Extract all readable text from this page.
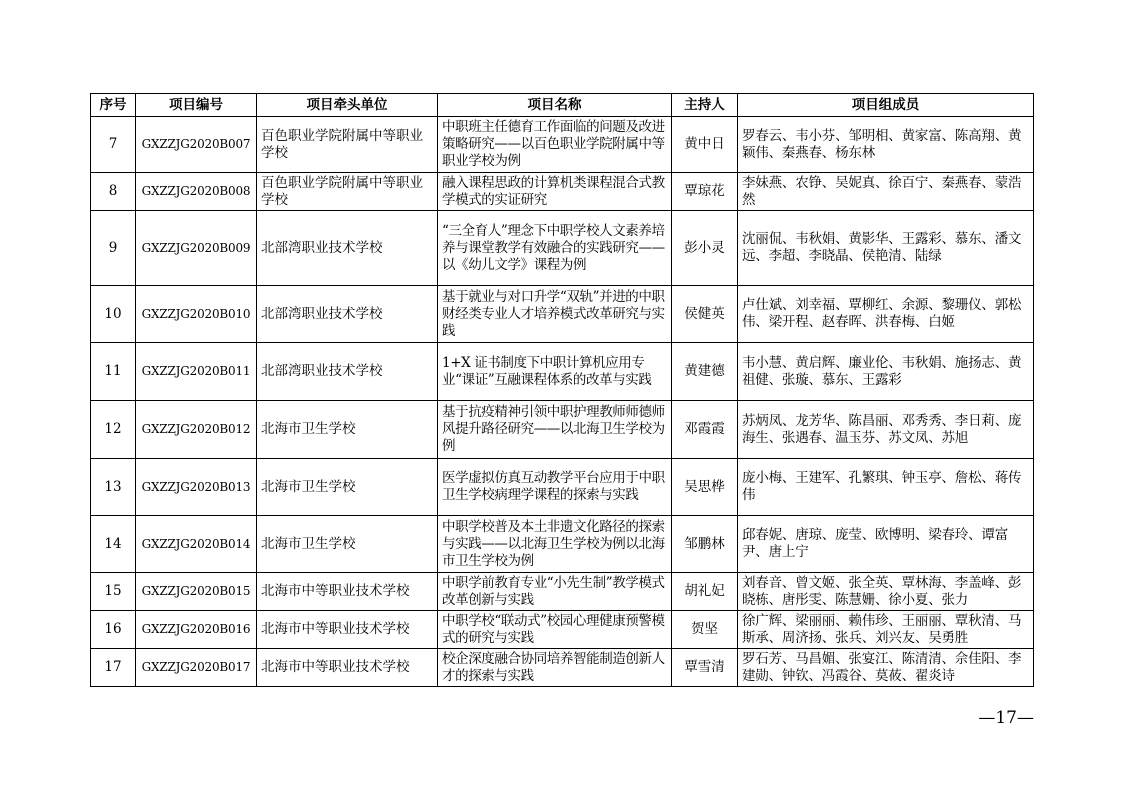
序号	项目编号	项目牵头单位	项目名称	主持人	项目组成员
7	GXZZJG2020B007	百色职业学院附属中等职业学校	中职班主任德育工作面临的问题及改进策略研究——以百色职业学院附属中等职业学校为例	黄中日	罗春云、韦小芬、邹明相、黄家富、陈高翔、黄颖伟、秦燕春、杨东林
8	GXZZJG2020B008	百色职业学院附属中等职业学校	融入课程思政的计算机类课程混合式教学模式的实证研究	覃琼花	李妹燕、农铮、吴妮真、徐百宁、秦燕春、蒙浩然
9	GXZZJG2020B009	北部湾职业技术学校	“三全育人”理念下中职学校人文素养培养与课堂教学有效融合的实践研究——以《幼儿文学》课程为例	彭小灵	沈丽侃、韦秋娟、黄影华、王露彩、慕东、潘文远、李超、李晓晶、侯艳清、陆绿
10	GXZZJG2020B010	北部湾职业技术学校	基于就业与对口升学“双轨”并进的中职财经类专业人才培养模式改革研究与实践	侯健英	卢仕斌、刘幸福、覃柳红、余源、黎珊仪、郭松伟、梁开程、赵春晖、洪春梅、白姬
11	GXZZJG2020B011	北部湾职业技术学校	1+X 证书制度下中职计算机应用专业“课证”互融课程体系的改革与实践	黄建德	韦小慧、黄启辉、廉业伦、韦秋娟、施扬志、黄祖健、张璇、慕东、王露彩
12	GXZZJG2020B012	北海市卫生学校	基于抗疫精神引领中职护理教师师德师风提升路径研究——以北海卫生学校为例	邓霞霞	苏炳凤、龙芳华、陈昌丽、邓秀秀、李日莉、庞海生、张遇春、温玉芬、苏文凤、苏旭
13	GXZZJG2020B013	北海市卫生学校	医学虚拟仿真互动教学平台应用于中职卫生学校病理学课程的探索与实践	吴思桦	庞小梅、王建军、孔繁琪、钟玉亭、詹松、蒋传伟
14	GXZZJG2020B014	北海市卫生学校	中职学校普及本土非遗文化路径的探索与实践——以北海卫生学校为例以北海市卫生学校为例	邹鹏林	邱春妮、唐琼、庞莹、欧博明、梁春玲、谭富尹、唐上宁
15	GXZZJG2020B015	北海市中等职业技术学校	中职学前教育专业“小先生制”教学模式改革创新与实践	胡礼妃	刘春音、曾文姬、张全英、覃林海、李盖峰、彭晓栋、唐彤雯、陈慧姗、徐小夏、张力
16	GXZZJG2020B016	北海市中等职业技术学校	中职学校“联动式”校园心理健康预警模式的研究与实践	贺坚	徐广辉、梁丽丽、赖伟珍、王丽丽、覃秋清、马斯承、周济扬、张兵、刘兴友、吴勇胜
17	GXZZJG2020B017	北海市中等职业技术学校	校企深度融合协同培养智能制造创新人才的探索与实践	覃雪清	罗石芳、马昌媚、张宴江、陈清清、佘佳阳、李建勋、钟钦、冯霞谷、莫莜、翟炎诗
—17—
